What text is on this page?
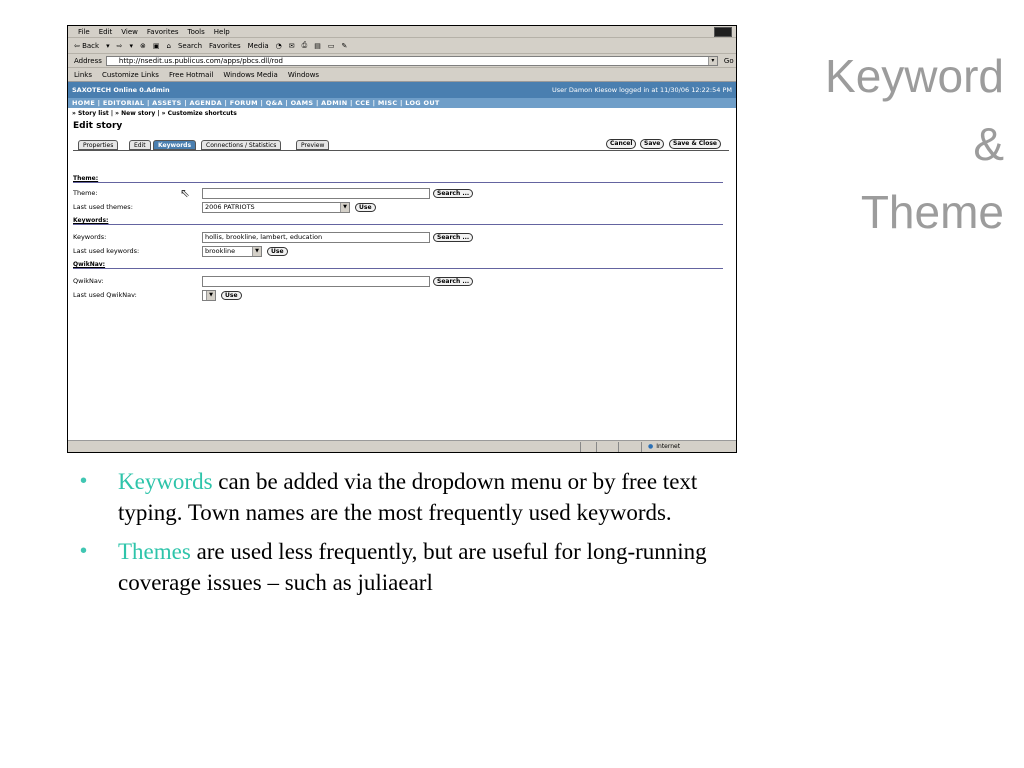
Keyword
&
Theme
File Edit View Favorites Tools Help
⇦ Back ▾ ⇨ ▾ ⊗ ▣ ⌂ Search Favorites Media ◔ ✉ ⎙ ▤ ▭ ✎
Address	http://nsedit.us.publicus.com/apps/pbcs.dll/rod	▾	Go
Links Customize Links Free Hotmail Windows Media Windows
SAXOTECH Online 0.Admin	User Damon Kiesow logged in at 11/30/06 12:22:54 PM
HOME | EDITORIAL | ASSETS | AGENDA | FORUM | Q&A | OAMS | ADMIN | CCE | MISC | LOG OUT
» Story list | » New story | » Customize shortcuts
Edit story
Properties	Edit	Keywords	Connections / Statistics	Preview	Cancel	Save	Save & Close
Theme:
Theme:	Search ...
Last used themes:	2006 PATRIOTS	▼	Use
⇖
Keywords:
Keywords:	hollis, brookline, lambert, education	Search ...
Last used keywords:	brookline	▼	Use
QwikNav:
QwikNav:	Search ...
Last used QwikNav:	▼	Use
● Internet
• Keywords can be added via the dropdown menu or by free text typing. Town names are the most frequently used keywords.
• Themes are used less frequently, but are useful for long-running coverage issues – such as juliaearl
